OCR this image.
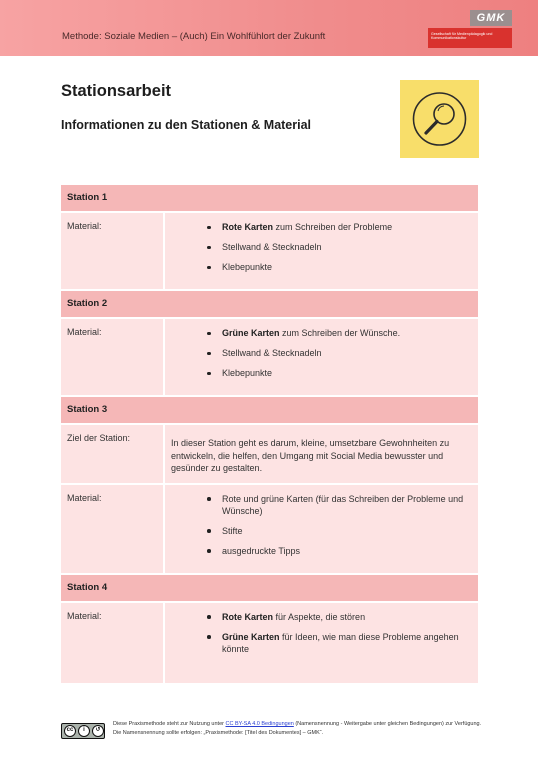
Methode: Soziale Medien – (Auch) Ein Wohlfühlort der Zukunft
GMK
Gesellschaft für Medienpädagogik und Kommunikationskultur
Stationsarbeit
Informationen zu den Stationen & Material
Station 1
Material:	Rote Karten zum Schreiben der Probleme
Stellwand & Stecknadeln
Klebepunkte
Station 2
Material:	Grüne Karten zum Schreiben der Wünsche.
Stellwand & Stecknadeln
Klebepunkte
Station 3
Ziel der Station:	In dieser Station geht es darum, kleine, umsetzbare Gewohnheiten zu entwickeln, die helfen, den Umgang mit Social Media bewusster und gesünder zu gestalten.
Material:	Rote und grüne Karten (für das Schreiben der Probleme und Wünsche)
Stifte
ausgedruckte Tipps
Station 4
Material:	Rote Karten für Aspekte, die stören
Grüne Karten für Ideen, wie man diese Probleme angehen könnte
cc	i	↺
Diese Praxismethode steht zur Nutzung unter CC BY-SA 4.0 Bedingungen (Namensnennung - Weitergabe unter gleichen Bedingungen) zur Verfügung. Die Namensnennung sollte erfolgen: „Praxismethode: [Titel des Dokumentes] – GMK“.
